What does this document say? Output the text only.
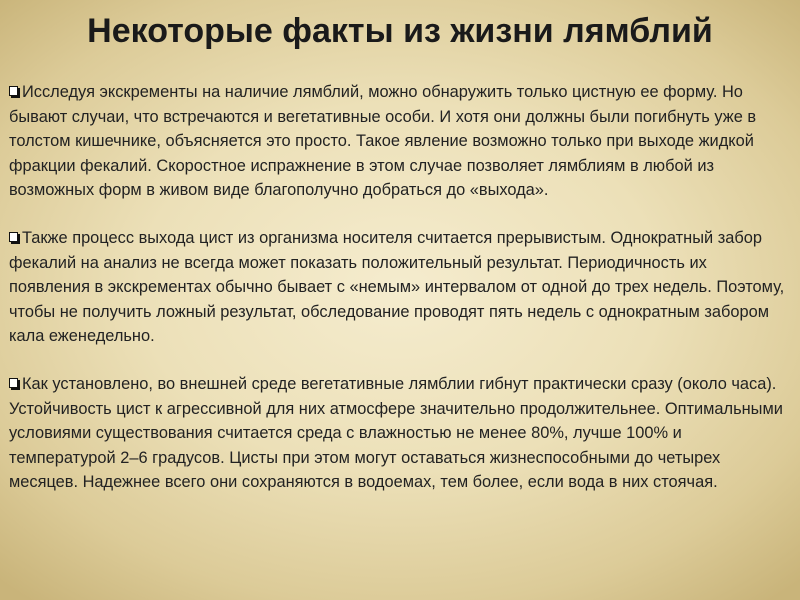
Некоторые факты из жизни лямблий

Исследуя экскременты на наличие лямблий, можно обнаружить только цистную ее форму. Но бывают случаи, что встречаются и вегетативные особи. И хотя они должны были погибнуть уже в толстом кишечнике, объясняется это просто. Такое явление возможно только при выходе жидкой фракции фекалий. Скоростное испражнение в этом случае позволяет лямблиям в любой из возможных форм в живом виде благополучно добраться до «выхода».

Также процесс выхода цист из организма носителя считается прерывистым. Однократный забор фекалий на анализ не всегда может показать положительный результат. Периодичность их появления в экскрементах обычно бывает с «немым» интервалом от одной до трех недель. Поэтому, чтобы не получить ложный результат, обследование проводят пять недель с однократным забором кала еженедельно.

Как установлено, во внешней среде вегетативные лямблии гибнут практически сразу (около часа). Устойчивость цист к агрессивной для них атмосфере значительно продолжительнее. Оптимальными условиями существования считается среда с влажностью не менее 80%, лучше 100% и температурой 2–6 градусов. Цисты при этом могут оставаться жизнеспособными до четырех месяцев. Надежнее всего они сохраняются в водоемах, тем более, если вода в них стоячая.
